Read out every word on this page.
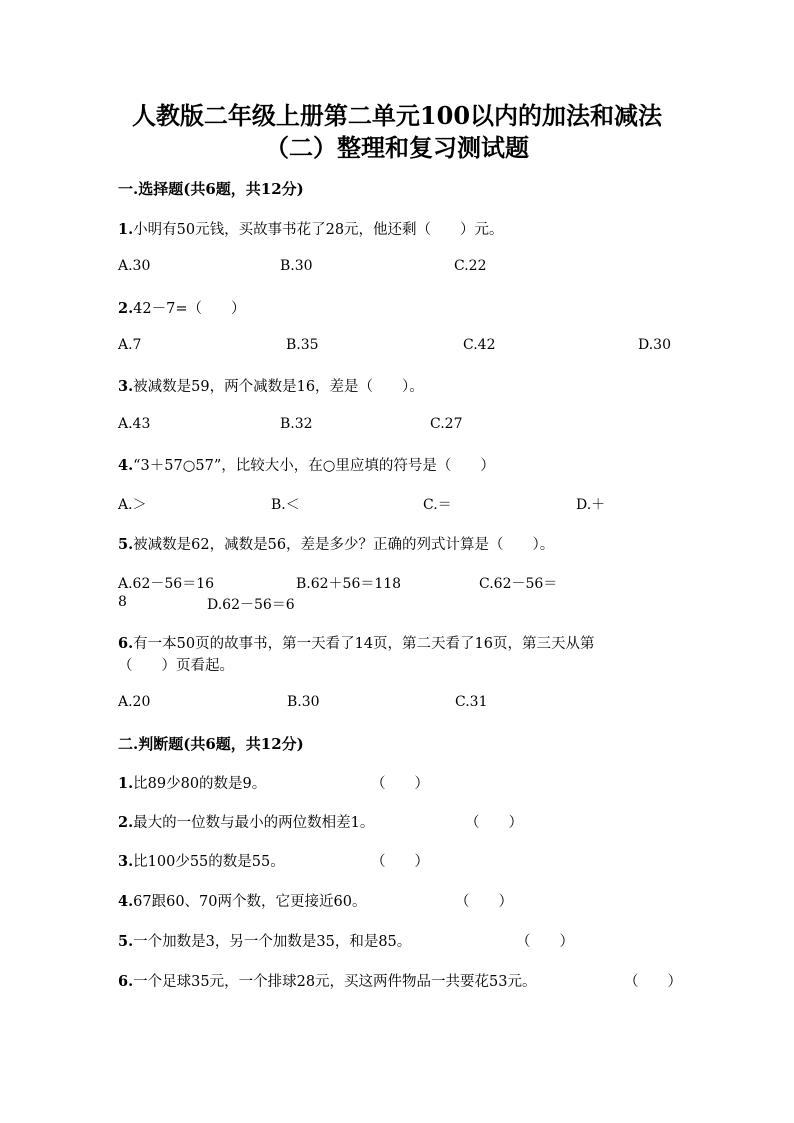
人教版二年级上册第二单元100以内的加法和减法
（二）整理和复习测试题
一.选择题(共6题，共12分)
1.小明有50元钱，买故事书花了28元，他还剩（　　）元。
A.30	B.30	C.22
2.42－7=（　　）
A.7	B.35	C.42	D.30
3.被减数是59，两个减数是16，差是（　　）。
A.43	B.32	C.27
4.“3＋57○57”，比较大小，在○里应填的符号是（　　）
A.＞	B.＜	C.＝	D.＋
5.被减数是62，减数是56，差是多少？正确的列式计算是（　　）。
A.62－56＝16	B.62＋56＝118	C.62－56＝
8	D.62－56＝6
6.有一本50页的故事书，第一天看了14页，第二天看了16页，第三天从第
（　　）页看起。
A.20	B.30	C.31
二.判断题(共6题，共12分)
1.比89少80的数是9。	（　　）
2.最大的一位数与最小的两位数相差1。	（　　）
3.比100少55的数是55。	（　　）
4.67跟60、70两个数，它更接近60。	（　　）
5.一个加数是3，另一个加数是35，和是85。	（　　）
6.一个足球35元，一个排球28元，买这两件物品一共要花53元。	（　　）
